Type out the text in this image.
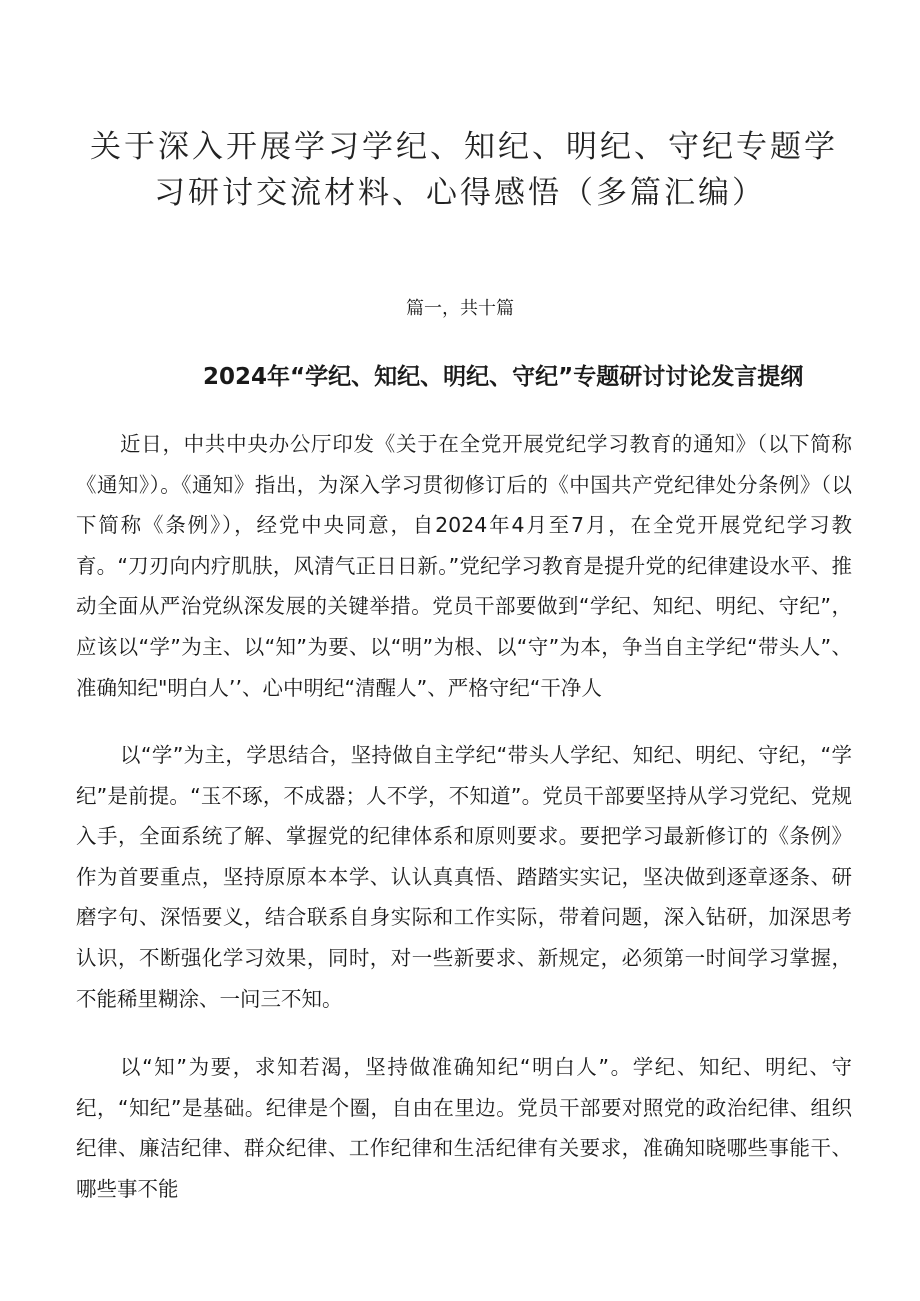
关于深入开展学习学纪、知纪、明纪、守纪专题学
习研讨交流材料、心得感悟（多篇汇编）

篇一，共十篇

2024年“学纪、知纪、明纪、守纪”专题研讨讨论发言提纲

近日，中共中央办公厅印发《关于在全党开展党纪学习教育的通知》（以下简称《通知》）。《通知》指出，为深入学习贯彻修订后的《中国共产党纪律处分条例》（以下简称《条例》），经党中央同意，自2024年4月至7月，在全党开展党纪学习教育。“刀刃向内疗肌肤，风清气正日日新。”党纪学习教育是提升党的纪律建设水平、推动全面从严治党纵深发展的关键举措。党员干部要做到“学纪、知纪、明纪、守纪”，应该以“学”为主、以“知”为要、以“明”为根、以“守”为本，争当自主学纪“带头人”、准确知纪"明白人’’、心中明纪“清醒人”、严格守纪“干净人

以“学”为主，学思结合，坚持做自主学纪“带头人学纪、知纪、明纪、守纪，“学纪”是前提。“玉不琢，不成器；人不学，不知道”。党员干部要坚持从学习党纪、党规入手，全面系统了解、掌握党的纪律体系和原则要求。要把学习最新修订的《条例》作为首要重点，坚持原原本本学、认认真真悟、踏踏实实记，坚决做到逐章逐条、研磨字句、深悟要义，结合联系自身实际和工作实际，带着问题，深入钻研，加深思考认识，不断强化学习效果，同时，对一些新要求、新规定，必须第一时间学习掌握，不能稀里糊涂、一问三不知。

以“知”为要，求知若渴，坚持做准确知纪“明白人”。学纪、知纪、明纪、守纪，“知纪”是基础。纪律是个圈，自由在里边。党员干部要对照党的政治纪律、组织纪律、廉洁纪律、群众纪律、工作纪律和生活纪律有关要求，准确知晓哪些事能干、哪些事不能
